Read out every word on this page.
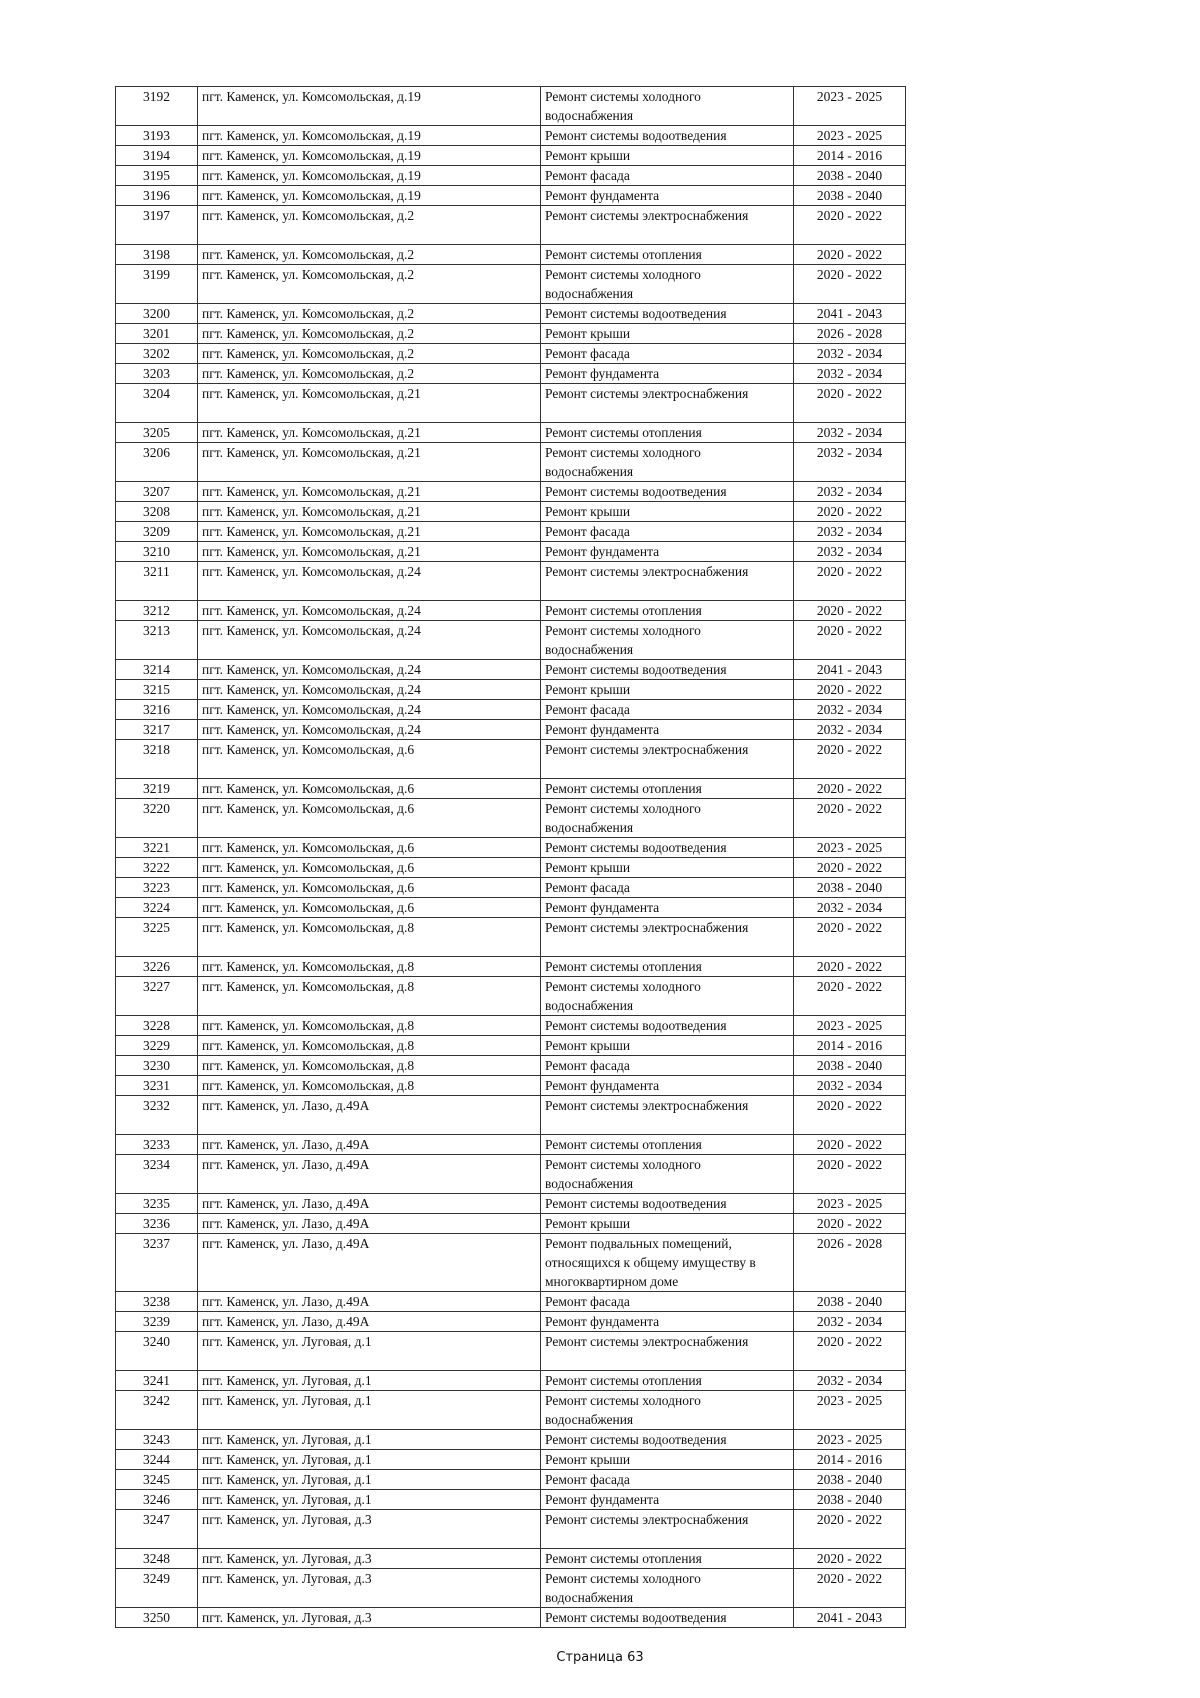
3192	пгт. Каменск, ул. Комсомольская, д.19	Ремонт системы холодного водоснабжения	2023 - 2025
3193	пгт. Каменск, ул. Комсомольская, д.19	Ремонт системы водоотведения	2023 - 2025
3194	пгт. Каменск, ул. Комсомольская, д.19	Ремонт крыши	2014 - 2016
3195	пгт. Каменск, ул. Комсомольская, д.19	Ремонт фасада	2038 - 2040
3196	пгт. Каменск, ул. Комсомольская, д.19	Ремонт фундамента	2038 - 2040
3197	пгт. Каменск, ул. Комсомольская, д.2	Ремонт системы электроснабжения	2020 - 2022
3198	пгт. Каменск, ул. Комсомольская, д.2	Ремонт системы отопления	2020 - 2022
3199	пгт. Каменск, ул. Комсомольская, д.2	Ремонт системы холодного водоснабжения	2020 - 2022
3200	пгт. Каменск, ул. Комсомольская, д.2	Ремонт системы водоотведения	2041 - 2043
3201	пгт. Каменск, ул. Комсомольская, д.2	Ремонт крыши	2026 - 2028
3202	пгт. Каменск, ул. Комсомольская, д.2	Ремонт фасада	2032 - 2034
3203	пгт. Каменск, ул. Комсомольская, д.2	Ремонт фундамента	2032 - 2034
3204	пгт. Каменск, ул. Комсомольская, д.21	Ремонт системы электроснабжения	2020 - 2022
3205	пгт. Каменск, ул. Комсомольская, д.21	Ремонт системы отопления	2032 - 2034
3206	пгт. Каменск, ул. Комсомольская, д.21	Ремонт системы холодного водоснабжения	2032 - 2034
3207	пгт. Каменск, ул. Комсомольская, д.21	Ремонт системы водоотведения	2032 - 2034
3208	пгт. Каменск, ул. Комсомольская, д.21	Ремонт крыши	2020 - 2022
3209	пгт. Каменск, ул. Комсомольская, д.21	Ремонт фасада	2032 - 2034
3210	пгт. Каменск, ул. Комсомольская, д.21	Ремонт фундамента	2032 - 2034
3211	пгт. Каменск, ул. Комсомольская, д.24	Ремонт системы электроснабжения	2020 - 2022
3212	пгт. Каменск, ул. Комсомольская, д.24	Ремонт системы отопления	2020 - 2022
3213	пгт. Каменск, ул. Комсомольская, д.24	Ремонт системы холодного водоснабжения	2020 - 2022
3214	пгт. Каменск, ул. Комсомольская, д.24	Ремонт системы водоотведения	2041 - 2043
3215	пгт. Каменск, ул. Комсомольская, д.24	Ремонт крыши	2020 - 2022
3216	пгт. Каменск, ул. Комсомольская, д.24	Ремонт фасада	2032 - 2034
3217	пгт. Каменск, ул. Комсомольская, д.24	Ремонт фундамента	2032 - 2034
3218	пгт. Каменск, ул. Комсомольская, д.6	Ремонт системы электроснабжения	2020 - 2022
3219	пгт. Каменск, ул. Комсомольская, д.6	Ремонт системы отопления	2020 - 2022
3220	пгт. Каменск, ул. Комсомольская, д.6	Ремонт системы холодного водоснабжения	2020 - 2022
3221	пгт. Каменск, ул. Комсомольская, д.6	Ремонт системы водоотведения	2023 - 2025
3222	пгт. Каменск, ул. Комсомольская, д.6	Ремонт крыши	2020 - 2022
3223	пгт. Каменск, ул. Комсомольская, д.6	Ремонт фасада	2038 - 2040
3224	пгт. Каменск, ул. Комсомольская, д.6	Ремонт фундамента	2032 - 2034
3225	пгт. Каменск, ул. Комсомольская, д.8	Ремонт системы электроснабжения	2020 - 2022
3226	пгт. Каменск, ул. Комсомольская, д.8	Ремонт системы отопления	2020 - 2022
3227	пгт. Каменск, ул. Комсомольская, д.8	Ремонт системы холодного водоснабжения	2020 - 2022
3228	пгт. Каменск, ул. Комсомольская, д.8	Ремонт системы водоотведения	2023 - 2025
3229	пгт. Каменск, ул. Комсомольская, д.8	Ремонт крыши	2014 - 2016
3230	пгт. Каменск, ул. Комсомольская, д.8	Ремонт фасада	2038 - 2040
3231	пгт. Каменск, ул. Комсомольская, д.8	Ремонт фундамента	2032 - 2034
3232	пгт. Каменск, ул. Лазо, д.49А	Ремонт системы электроснабжения	2020 - 2022
3233	пгт. Каменск, ул. Лазо, д.49А	Ремонт системы отопления	2020 - 2022
3234	пгт. Каменск, ул. Лазо, д.49А	Ремонт системы холодного водоснабжения	2020 - 2022
3235	пгт. Каменск, ул. Лазо, д.49А	Ремонт системы водоотведения	2023 - 2025
3236	пгт. Каменск, ул. Лазо, д.49А	Ремонт крыши	2020 - 2022
3237	пгт. Каменск, ул. Лазо, д.49А	Ремонт подвальных помещений, относящихся к общему имуществу в многоквартирном доме	2026 - 2028
3238	пгт. Каменск, ул. Лазо, д.49А	Ремонт фасада	2038 - 2040
3239	пгт. Каменск, ул. Лазо, д.49А	Ремонт фундамента	2032 - 2034
3240	пгт. Каменск, ул. Луговая, д.1	Ремонт системы электроснабжения	2020 - 2022
3241	пгт. Каменск, ул. Луговая, д.1	Ремонт системы отопления	2032 - 2034
3242	пгт. Каменск, ул. Луговая, д.1	Ремонт системы холодного водоснабжения	2023 - 2025
3243	пгт. Каменск, ул. Луговая, д.1	Ремонт системы водоотведения	2023 - 2025
3244	пгт. Каменск, ул. Луговая, д.1	Ремонт крыши	2014 - 2016
3245	пгт. Каменск, ул. Луговая, д.1	Ремонт фасада	2038 - 2040
3246	пгт. Каменск, ул. Луговая, д.1	Ремонт фундамента	2038 - 2040
3247	пгт. Каменск, ул. Луговая, д.3	Ремонт системы электроснабжения	2020 - 2022
3248	пгт. Каменск, ул. Луговая, д.3	Ремонт системы отопления	2020 - 2022
3249	пгт. Каменск, ул. Луговая, д.3	Ремонт системы холодного водоснабжения	2020 - 2022
3250	пгт. Каменск, ул. Луговая, д.3	Ремонт системы водоотведения	2041 - 2043
Страница 63
